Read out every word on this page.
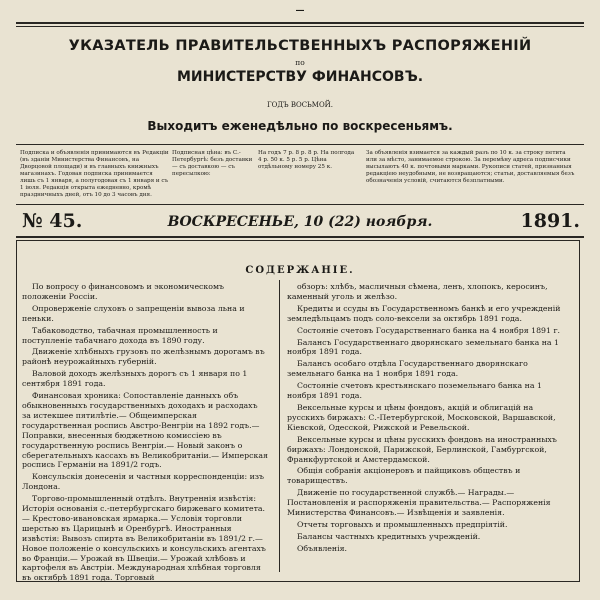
—
УКАЗАТЕЛЬ ПРАВИТЕЛЬСТВЕННЫХЪ РАСПОРЯЖЕНІЙ
по
МИНИСТЕРСТВУ ФИНАНСОВЪ.
ГОДЪ ВОСЬМОЙ.
Выходитъ еженедѣльно по воскресеньямъ.
Подписка и объявленія принимаются въ Редакціи (въ зданіи Министерства Финансовъ, на Дворцовой площади) и въ главныхъ книжныхъ магазинахъ. Годовая подписка принимается лишь съ 1 января, а полугодовая съ 1 января и съ 1 іюля. Редакція открыта ежедневно, кромѣ праздничныхъ дней, отъ 10 до 3 часовъ дня.
Подписная цѣна: въ С.-Петербургѣ: безъ доставки — съ доставкою — съ пересылкою:
На годъ 7 р. 8 р. 8 р. На полгода 4 р. 50 к. 5 р. 5 р. Цѣна отдѣльному номеру 25 к.
За объявленія взимается за каждый разъ по 10 к. за строку петита или за мѣсто, занимаемое строкою. За перемѣну адреса подписчики высылаютъ 40 к. почтовыми марками. Рукописи статей, признанныя редакціею неудобными, не возвращаются; статьи, доставляемыя безъ обозначенія условій, считаются безплатными.
№ 45.	ВОСКРЕСЕНЬЕ, 10 (22) ноября.	1891.
СОДЕРЖАНІЕ.

По вопросу о финансовомъ и экономическомъ положеніи Россіи.

Опроверженіе слуховъ о запрещеніи вывоза льна и пеньки.

Табаководство, табачная промышленность и поступленіе табачнаго дохода въ 1890 году.

Движеніе хлѣбныхъ грузовъ по желѣзнымъ дорогамъ въ районѣ неурожайныхъ губерній.

Валовой доходъ желѣзныхъ дорогъ съ 1 января по 1 сентября 1891 года.

Финансовая хроника: Сопоставленіе данныхъ объ обыкновенныхъ государственныхъ доходахъ и расходахъ за истекшее пятилѣтіе.— Общеимперская государственная роспись Австро-Венгріи на 1892 годъ.— Поправки, внесенныя бюджетною комиссіею въ государственную роспись Венгріи.— Новый законъ о сберегательныхъ кассахъ въ Великобританіи.— Имперская роспись Германіи на 1891/2 годъ.

Консульскія донесенія и частныя корреспонденціи: изъ Лондона.

Торгово-промышленный отдѣлъ. Внутреннія извѣстія: Исторія основанія с.-петербургскаго биржеваго комитета.— Крестово-ивановская ярмарка.— Условія торговли шерстью въ Царицынѣ и Оренбургѣ. Иностранныя извѣстія: Вывозъ спирта въ Великобританіи въ 1891/2 г.— Новое положеніе о консульскихъ и консульскихъ агентахъ во Франціи.— Урожай въ Швеціи.— Урожай хлѣбовъ и картофеля въ Австріи. Международная хлѣбная торговля въ октябрѣ 1891 года. Торговый

обзоръ: хлѣбъ, масличныя сѣмена, ленъ, хлопокъ, керосинъ, каменный уголь и желѣзо.

Кредиты и ссуды въ Государственномъ банкѣ и его учрежденій земледѣльцамъ подъ соло-вексели за октябрь 1891 года.

Состояніе счетовъ Государственнаго банка на 4 ноября 1891 г.

Балансъ Государственнаго дворянскаго земельнаго банка на 1 ноября 1891 года.

Балансъ особаго отдѣла Государственнаго дворянскаго земельнаго банка на 1 ноября 1891 года.

Состояніе счетовъ крестьянскаго поземельнаго банка на 1 ноября 1891 года.

Вексельные курсы и цѣны фондовъ, акцій и облигацій на русскихъ биржахъ: С.-Петербургской, Московской, Варшавской, Кіевской, Одесской, Рижской и Ревельской.

Вексельные курсы и цѣны русскихъ фондовъ на иностранныхъ биржахъ: Лондонской, Парижской, Берлинской, Гамбургской, Франкфуртской и Амстердамской.

Общія собранія акціонеровъ и пайщиковъ обществъ и товариществъ.

Движеніе по государственной службѣ.— Награды.— Постановленія и распоряженія правительства.— Распоряженія Министерства Финансовъ.— Извѣщенія и заявленія.

Отчеты торговыхъ и промышленныхъ предпріятій.

Балансы частныхъ кредитныхъ учрежденій.

Объявленія.
